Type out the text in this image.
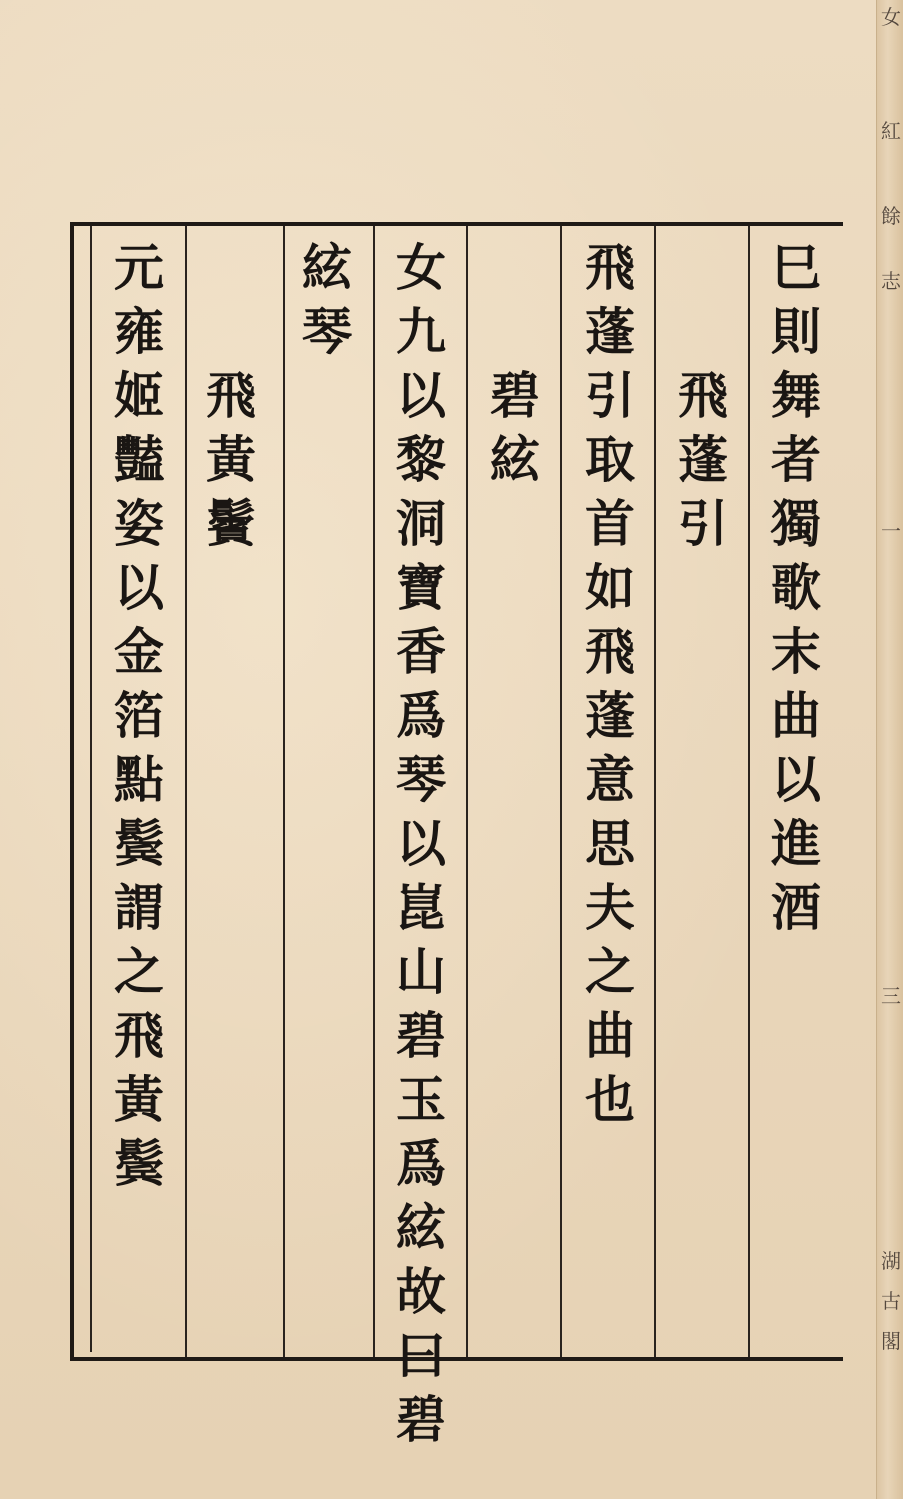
女
紅
餘
志
一
三
湖
古
閣
巳
則
舞
者
獨
歌
末
曲
以
進
酒
飛
蓬
引
飛
蓬
引
取
首
如
飛
蓬
意
思
夫
之
曲
也
碧
絃
女
九
以
黎
洞
寶
香
爲
琴
以
崑
山
碧
玉
爲
絃
故
曰
碧
絃
琴
飛
黃
鬢
元
雍
姬
豔
姿
以
金
箔
點
鬓
謂
之
飛
黃
鬓
